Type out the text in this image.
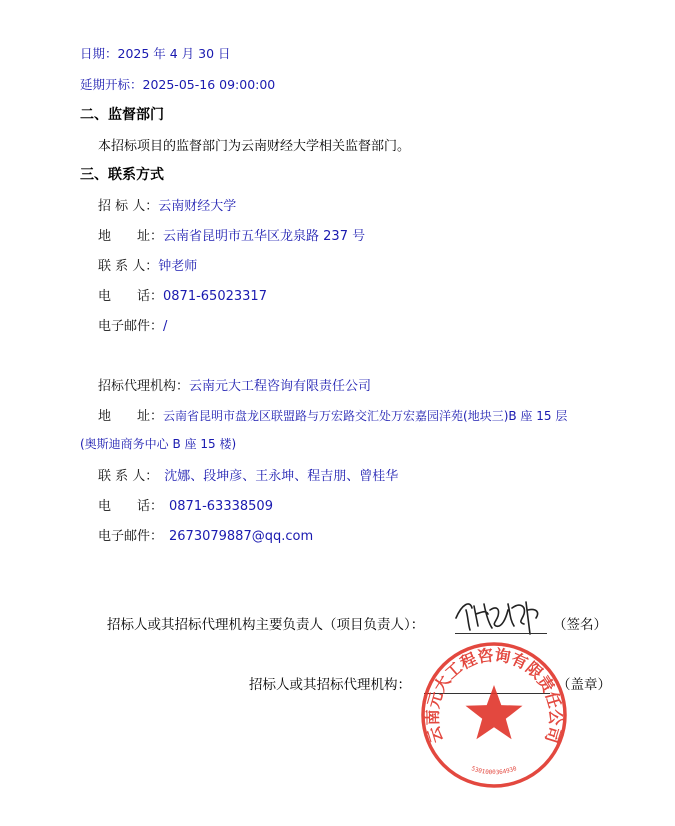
日期：2025 年 4 月 30 日
延期开标：2025-05-16 09:00:00
二、监督部门
本招标项目的监督部门为云南财经大学相关监督部门。
三、联系方式
招 标 人：云南财经大学
地　　址：云南省昆明市五华区龙泉路 237 号
联 系 人：钟老师
电　　话：0871-65023317
电子邮件：/
招标代理机构：云南元大工程咨询有限责任公司
地　　址：云南省昆明市盘龙区联盟路与万宏路交汇处万宏嘉园洋苑(地块三)B 座 15 层
(奥斯迪商务中心 B 座 15 楼)
联 系 人： 沈娜、段坤彦、王永坤、程吉朋、曾桂华
电　　话： 0871-63338509
电子邮件： 2673079887@qq.com
招标人或其招标代理机构主要负责人（项目负责人）：	（签名）
招标人或其招标代理机构：	（盖章）
云南元大工程咨询有限责任公司
5301000364930
